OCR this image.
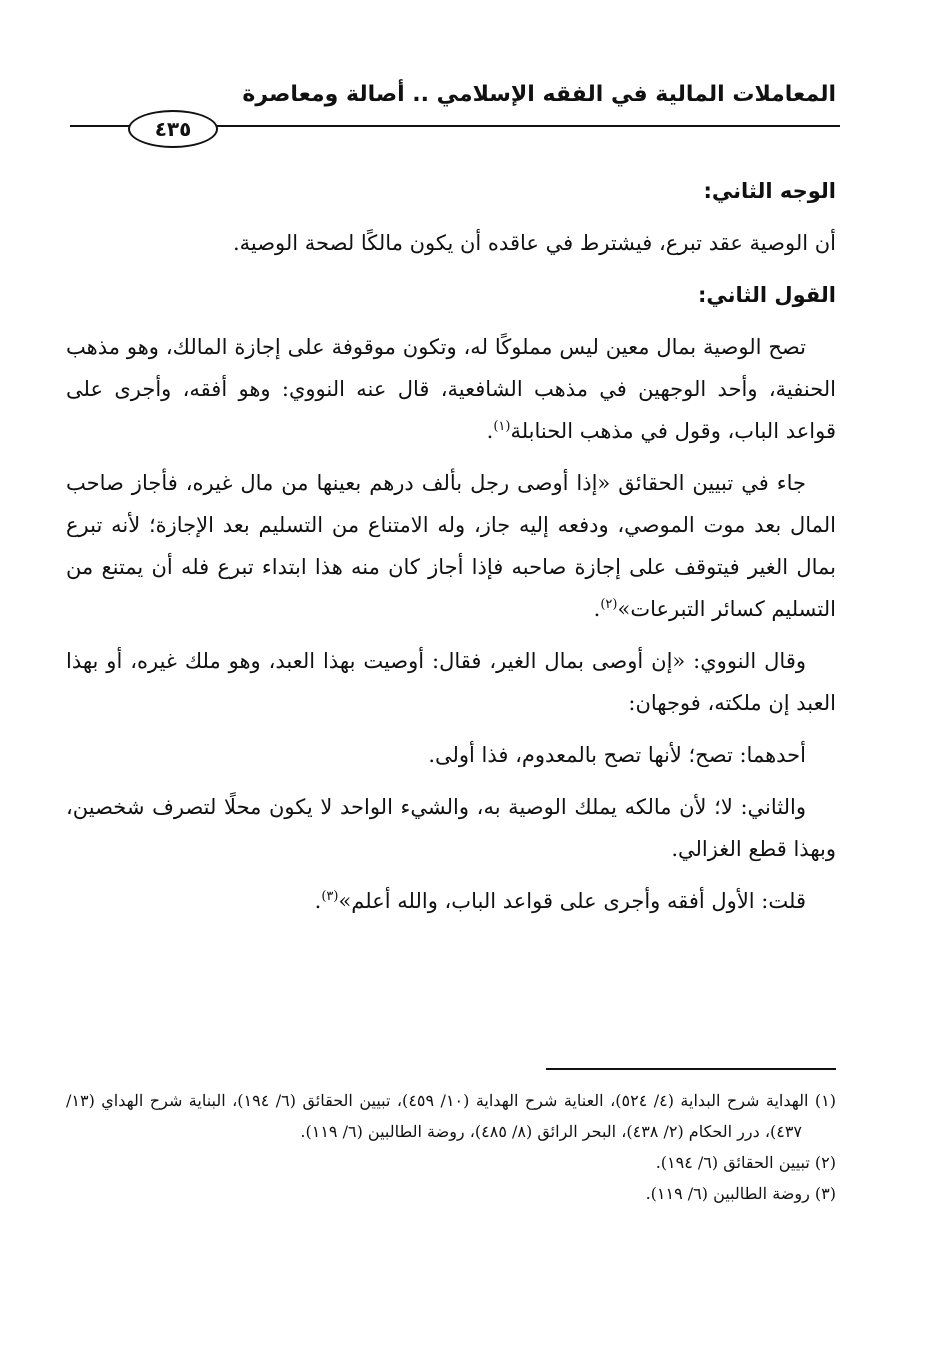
المعاملات المالية في الفقه الإسلامي .. أصالة ومعاصرة
٤٣٥

الوجه الثاني:

أن الوصية عقد تبرع، فيشترط في عاقده أن يكون مالكًا لصحة الوصية.

القول الثاني:

تصح الوصية بمال معين ليس مملوكًا له، وتكون موقوفة على إجازة المالك، وهو مذهب الحنفية، وأحد الوجهين في مذهب الشافعية، قال عنه النووي: وهو أفقه، وأجرى على قواعد الباب، وقول في مذهب الحنابلة$^{(١)}$.

جاء في تبيين الحقائق «إذا أوصى رجل بألف درهم بعينها من مال غيره، فأجاز صاحب المال بعد موت الموصي، ودفعه إليه جاز، وله الامتناع من التسليم بعد الإجازة؛ لأنه تبرع بمال الغير فيتوقف على إجازة صاحبه فإذا أجاز كان منه هذا ابتداء تبرع فله أن يمتنع من التسليم كسائر التبرعات»$^{(٢)}$.

وقال النووي: «إن أوصى بمال الغير، فقال: أوصيت بهذا العبد، وهو ملك غيره، أو بهذا العبد إن ملكته، فوجهان:

أحدهما: تصح؛ لأنها تصح بالمعدوم، فذا أولى.

والثاني: لا؛ لأن مالكه يملك الوصية به، والشيء الواحد لا يكون محلًا لتصرف شخصين، وبهذا قطع الغزالي.

قلت: الأول أفقه وأجرى على قواعد الباب، والله أعلم»$^{(٣)}$.

(١) الهداية شرح البداية (٤/ ٥٢٤)، العناية شرح الهداية (١٠/ ٤٥٩)، تبيين الحقائق (٦/ ١٩٤)، البناية شرح الهداي (١٣/ ٤٣٧)، درر الحكام (٢/ ٤٣٨)، البحر الرائق (٨/ ٤٨٥)، روضة الطالبين (٦/ ١١٩).

(٢) تبيين الحقائق (٦/ ١٩٤).

(٣) روضة الطالبين (٦/ ١١٩).
